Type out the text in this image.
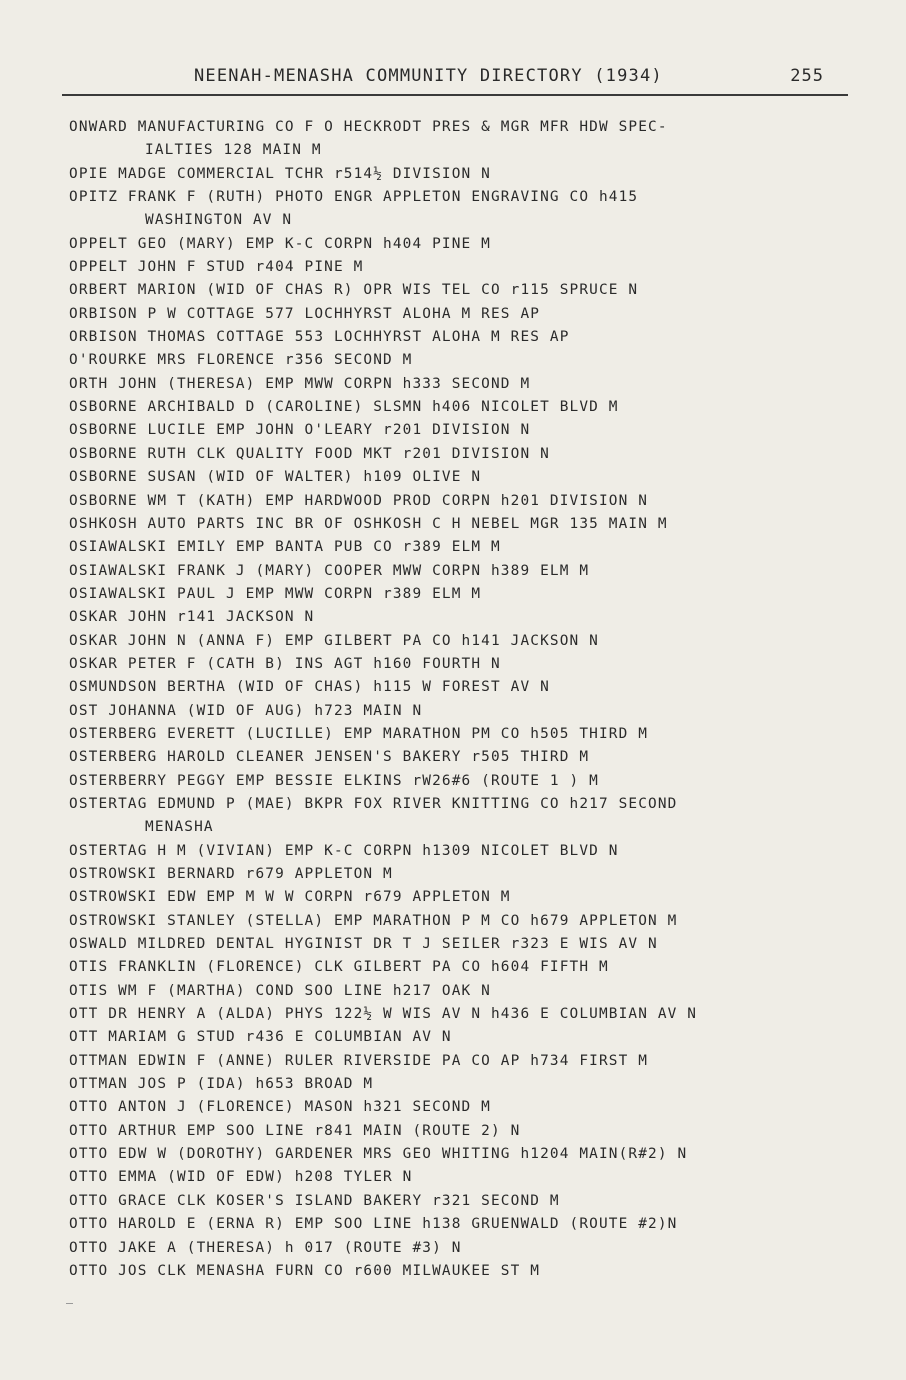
NEENAH-MENASHA COMMUNITY DIRECTORY (1934)	255
ONWARD MANUFACTURING CO F O HECKRODT PRES & MGR MFR HDW SPEC-
IALTIES 128 MAIN M
OPIE MADGE COMMERCIAL TCHR r514½ DIVISION N
OPITZ FRANK F (RUTH) PHOTO ENGR APPLETON ENGRAVING CO h415
WASHINGTON AV N
OPPELT GEO (MARY) EMP K-C CORPN h404 PINE M
OPPELT JOHN F STUD r404 PINE M
ORBERT MARION (WID OF CHAS R) OPR WIS TEL CO r115 SPRUCE N
ORBISON P W COTTAGE 577 LOCHHYRST ALOHA M RES AP
ORBISON THOMAS COTTAGE 553 LOCHHYRST ALOHA M RES AP
O'ROURKE MRS FLORENCE r356 SECOND M
ORTH JOHN (THERESA) EMP MWW CORPN h333 SECOND M
OSBORNE ARCHIBALD D (CAROLINE) SLSMN h406 NICOLET BLVD M
OSBORNE LUCILE EMP JOHN O'LEARY r201 DIVISION N
OSBORNE RUTH CLK QUALITY FOOD MKT r201 DIVISION N
OSBORNE SUSAN (WID OF WALTER) h109 OLIVE N
OSBORNE WM T (KATH) EMP HARDWOOD PROD CORPN h201 DIVISION N
OSHKOSH AUTO PARTS INC BR OF OSHKOSH C H NEBEL MGR 135 MAIN M
OSIAWALSKI EMILY EMP BANTA PUB CO r389 ELM M
OSIAWALSKI FRANK J (MARY) COOPER MWW CORPN h389 ELM M
OSIAWALSKI PAUL J EMP MWW CORPN r389 ELM M
OSKAR JOHN r141 JACKSON N
OSKAR JOHN N (ANNA F) EMP GILBERT PA CO h141 JACKSON N
OSKAR PETER F (CATH B) INS AGT h160 FOURTH N
OSMUNDSON BERTHA (WID OF CHAS) h115 W FOREST AV N
OST JOHANNA (WID OF AUG) h723 MAIN N
OSTERBERG EVERETT (LUCILLE) EMP MARATHON PM CO h505 THIRD M
OSTERBERG HAROLD CLEANER JENSEN'S BAKERY r505 THIRD M
OSTERBERRY PEGGY EMP BESSIE ELKINS rW26#6 (ROUTE 1 ) M
OSTERTAG EDMUND P (MAE) BKPR FOX RIVER KNITTING CO h217 SECOND
MENASHA
OSTERTAG H M (VIVIAN) EMP K-C CORPN h1309 NICOLET BLVD N
OSTROWSKI BERNARD r679 APPLETON M
OSTROWSKI EDW EMP M W W CORPN r679 APPLETON M
OSTROWSKI STANLEY (STELLA) EMP MARATHON P M CO h679 APPLETON M
OSWALD MILDRED DENTAL HYGINIST DR T J SEILER r323 E WIS AV N
OTIS FRANKLIN (FLORENCE) CLK GILBERT PA CO h604 FIFTH M
OTIS WM F (MARTHA) COND SOO LINE h217 OAK N
OTT DR HENRY A (ALDA) PHYS 122½ W WIS AV N h436 E COLUMBIAN AV N
OTT MARIAM G STUD r436 E COLUMBIAN AV N
OTTMAN EDWIN F (ANNE) RULER RIVERSIDE PA CO AP h734 FIRST M
OTTMAN JOS P (IDA) h653 BROAD M
OTTO ANTON J (FLORENCE) MASON h321 SECOND M
OTTO ARTHUR EMP SOO LINE r841 MAIN (ROUTE 2) N
OTTO EDW W (DOROTHY) GARDENER MRS GEO WHITING h1204 MAIN(R#2) N
OTTO EMMA (WID OF EDW) h208 TYLER N
OTTO GRACE CLK KOSER'S ISLAND BAKERY r321 SECOND M
OTTO HAROLD E (ERNA R) EMP SOO LINE h138 GRUENWALD (ROUTE #2)N
OTTO JAKE A (THERESA) h 017 (ROUTE #3) N
OTTO JOS CLK MENASHA FURN CO r600 MILWAUKEE ST M
